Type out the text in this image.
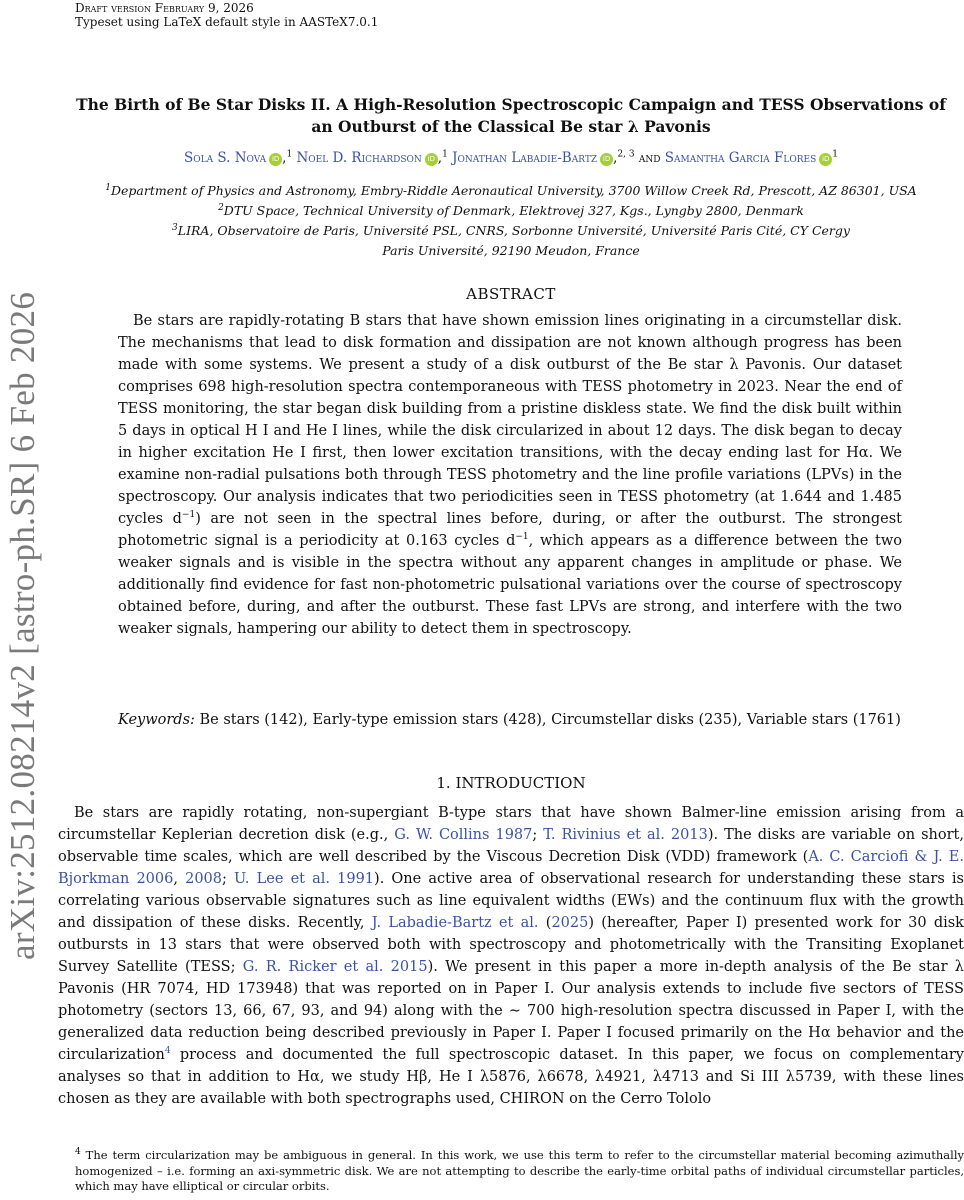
arXiv:2512.08214v2 [astro-ph.SR] 6 Feb 2026
Draft version February 9, 2026
Typeset using LaTeX default style in AASTeX7.0.1
The Birth of Be Star Disks II. A High-Resolution Spectroscopic Campaign and TESS Observations of
an Outburst of the Classical Be star λ Pavonis
Sola S. Nova iD ,$^1$ Noel D. Richardson iD ,$^1$ Jonathan Labadie-Bartz iD ,$^{2, 3}$ and Samantha Garcia Flores iD $^1$
$^1$Department of Physics and Astronomy, Embry-Riddle Aeronautical University, 3700 Willow Creek Rd, Prescott, AZ 86301, USA
$^2$DTU Space, Technical University of Denmark, Elektrovej 327, Kgs., Lyngby 2800, Denmark
$^3$LIRA, Observatoire de Paris, Université PSL, CNRS, Sorbonne Université, Université Paris Cité, CY Cergy
Paris Université, 92190 Meudon, France
ABSTRACT

Be stars are rapidly-rotating B stars that have shown emission lines originating in a circumstellar disk. The mechanisms that lead to disk formation and dissipation are not known although progress has been made with some systems. We present a study of a disk outburst of the Be star λ Pavonis. Our dataset comprises 698 high-resolution spectra contemporaneous with TESS photometry in 2023. Near the end of TESS monitoring, the star began disk building from a pristine diskless state. We find the disk built within 5 days in optical H I and He I lines, while the disk circularized in about 12 days. The disk began to decay in higher excitation He I first, then lower excitation transitions, with the decay ending last for Hα. We examine non-radial pulsations both through TESS photometry and the line profile variations (LPVs) in the spectroscopy. Our analysis indicates that two periodicities seen in TESS photometry (at 1.644 and 1.485 cycles $d^{-1}$) are not seen in the spectral lines before, during, or after the outburst. The strongest photometric signal is a periodicity at 0.163 cycles $d^{-1}$, which appears as a difference between the two weaker signals and is visible in the spectra without any apparent changes in amplitude or phase. We additionally find evidence for fast non-photometric pulsational variations over the course of spectroscopy obtained before, during, and after the outburst. These fast LPVs are strong, and interfere with the two weaker signals, hampering our ability to detect them in spectroscopy.

Keywords: Be stars (142), Early-type emission stars (428), Circumstellar disks (235), Variable stars (1761)

1. INTRODUCTION

Be stars are rapidly rotating, non-supergiant B-type stars that have shown Balmer-line emission arising from a circumstellar Keplerian decretion disk (e.g., G. W. Collins 1987; T. Rivinius et al. 2013). The disks are variable on short, observable time scales, which are well described by the Viscous Decretion Disk (VDD) framework (A. C. Carciofi & J. E. Bjorkman 2006, 2008; U. Lee et al. 1991). One active area of observational research for understanding these stars is correlating various observable signatures such as line equivalent widths (EWs) and the continuum flux with the growth and dissipation of these disks. Recently, J. Labadie-Bartz et al. (2025) (hereafter, Paper I) presented work for 30 disk outbursts in 13 stars that were observed both with spectroscopy and photometrically with the Transiting Exoplanet Survey Satellite (TESS; G. R. Ricker et al. 2015). We present in this paper a more in-depth analysis of the Be star λ Pavonis (HR 7074, HD 173948) that was reported on in Paper I. Our analysis extends to include five sectors of TESS photometry (sectors 13, 66, 67, 93, and 94) along with the ∼ 700 high-resolution spectra discussed in Paper I, with the generalized data reduction being described previously in Paper I. Paper I focused primarily on the Hα behavior and the circularization$^4$ process and documented the full spectroscopic dataset. In this paper, we focus on complementary analyses so that in addition to Hα, we study Hβ, He I λ5876, λ6678, λ4921, λ4713 and Si III λ5739, with these lines chosen as they are available with both spectrographs used, CHIRON on the Cerro Tololo

$^4$ The term circularization may be ambiguous in general. In this work, we use this term to refer to the circumstellar material becoming azimuthally homogenized – i.e. forming an axi-symmetric disk. We are not attempting to describe the early-time orbital paths of individual circumstellar particles, which may have elliptical or circular orbits.
